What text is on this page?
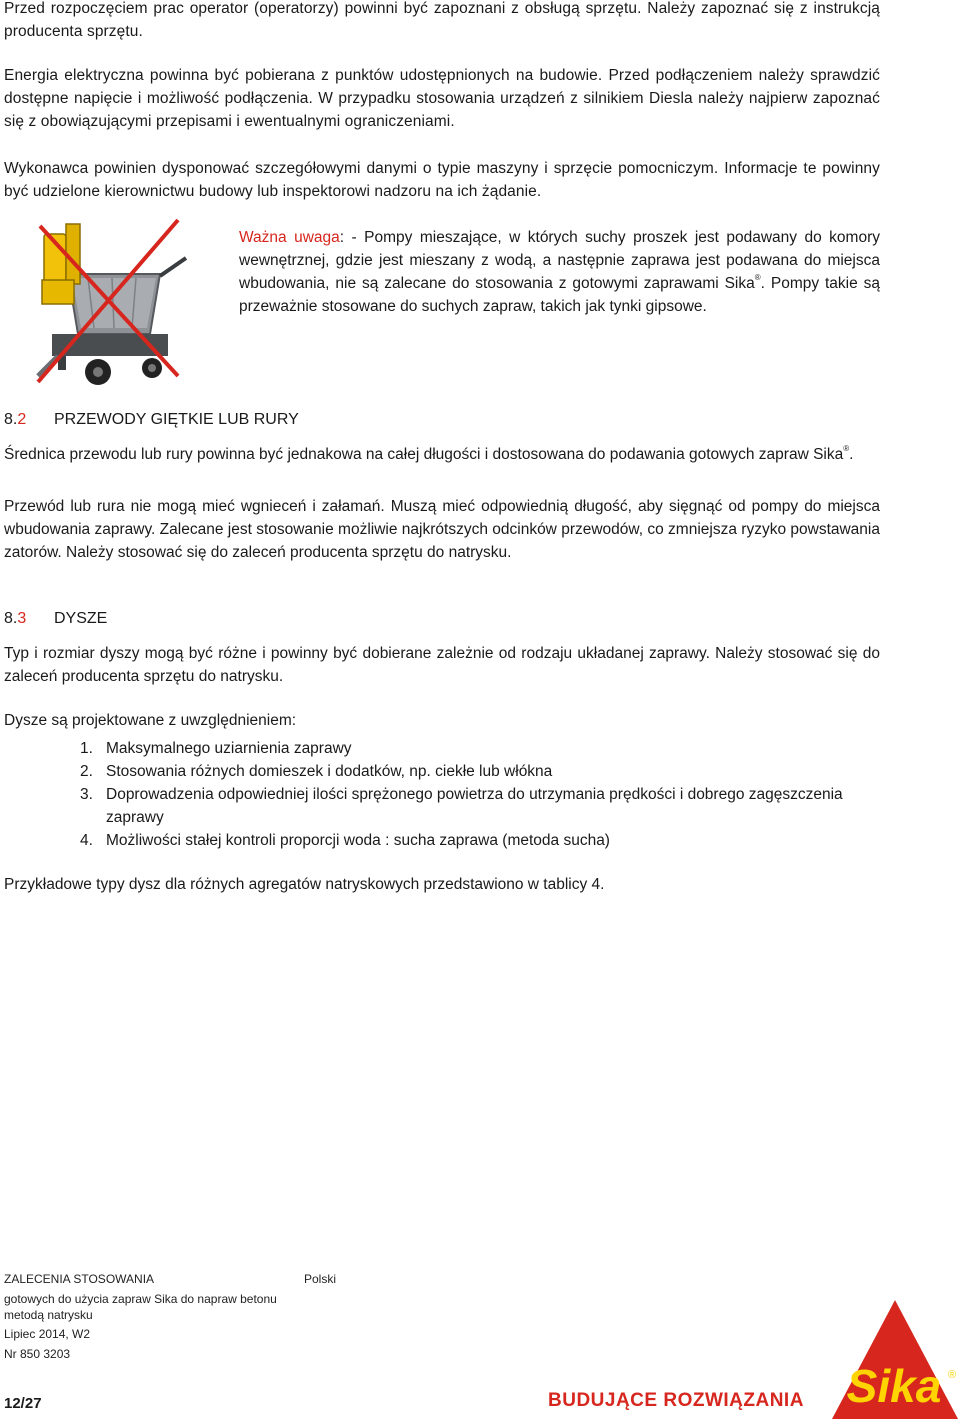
Przed rozpoczęciem prac operator (operatorzy) powinni być zapoznani z obsługą sprzętu. Należy zapoznać się z instrukcją producenta sprzętu.

Energia elektryczna powinna być pobierana z punktów udostępnionych na budowie. Przed podłączeniem należy sprawdzić dostępne napięcie i możliwość podłączenia. W przypadku stosowania urządzeń z silnikiem Diesla należy najpierw zapoznać się z obowiązującymi przepisami i ewentualnymi ograniczeniami.

Wykonawca powinien dysponować szczegółowymi danymi o typie maszyny i sprzęcie pomocniczym. Informacje te powinny być udzielone kierownictwu budowy lub inspektorowi nadzoru na ich żądanie.

Ważna uwaga: - Pompy mieszające, w których suchy proszek jest podawany do komory wewnętrznej, gdzie jest mieszany z wodą, a następnie zaprawa jest podawana do miejsca wbudowania, nie są zalecane do stosowania z gotowymi zaprawami Sika®. Pompy takie są przeważnie stosowane do suchych zapraw, takich jak tynki gipsowe.

8.2 PRZEWODY GIĘTKIE LUB RURY

Średnica przewodu lub rury powinna być jednakowa na całej długości i dostosowana do podawania gotowych zapraw Sika®.

Przewód lub rura nie mogą mieć wgnieceń i załamań. Muszą mieć odpowiednią długość, aby sięgnąć od pompy do miejsca wbudowania zaprawy. Zalecane jest stosowanie możliwie najkrótszych odcinków przewodów, co zmniejsza ryzyko powstawania zatorów. Należy stosować się do zaleceń producenta sprzętu do natrysku.

8.3 DYSZE

Typ i rozmiar dyszy mogą być różne i powinny być dobierane zależnie od rodzaju układanej zaprawy. Należy stosować się do zaleceń producenta sprzętu do natrysku.

Dysze są projektowane z uwzględnieniem:

1. Maksymalnego uziarnienia zaprawy
2. Stosowania różnych domieszek i dodatków, np. ciekłe lub włókna
3. Doprowadzenia odpowiedniej ilości sprężonego powietrza do utrzymania prędkości i dobrego zagęszczenia zaprawy
4. Możliwości stałej kontroli proporcji woda : sucha zaprawa (metoda sucha)

Przykładowe typy dysz dla różnych agregatów natryskowych przedstawiono w tablicy 4.

ZALECENIA STOSOWANIA	Polski
gotowych do użycia zapraw Sika do napraw betonu
metodą natrysku
Lipiec 2014, W2
Nr 850 3203
12/27	BUDUJĄCE ROZWIĄZANIA Sika ®
